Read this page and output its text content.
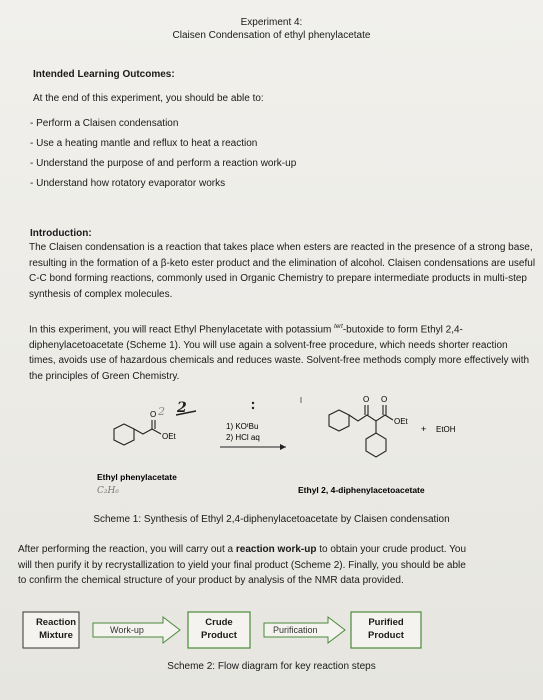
Experiment 4:
Claisen Condensation of ethyl phenylacetate
Intended Learning Outcomes:
At the end of this experiment, you should be able to:
- Perform a Claisen condensation
- Use a heating mantle and reflux to heat a reaction
- Understand the purpose of and perform a reaction work-up
- Understand how rotatory evaporator works
Introduction:

The Claisen condensation is a reaction that takes place when esters are reacted in the presence of a strong base, resulting in the formation of a β-keto ester product and the elimination of alcohol. Claisen condensations are useful C-C bond forming reactions, commonly used in Organic Chemistry to prepare intermediate products in multi-step synthesis of complex molecules.

In this experiment, you will react Ethyl Phenylacetate with potassium $^{tert}$-butoxide to form Ethyl 2,4-diphenylacetoacetate (Scheme 1). You will use again a solvent-free procedure, which needs shorter reaction times, avoids use of hazardous chemicals and reduces waste. Solvent-free methods comply more effectively with the principles of Green Chemistry.

2 2
O
OEt
1) KOᵗBu
2) HCl aq
O O
OEt
+ EtOH
Ethyl phenylacetate
C₂H₆	Ethyl 2, 4-diphenylacetoacetate
Scheme 1: Synthesis of Ethyl 2,4-diphenylacetoacetate by Claisen condensation
After performing the reaction, you will carry out a reaction work-up to obtain your crude product. You
will then purify it by recrystallization to yield your final product (Scheme 2). Finally, you should be able
to confirm the chemical structure of your product by analysis of the NMR data provided.
Work-up	Purification
Reaction
Mixture
Crude
Product
Purified
Product
Scheme 2: Flow diagram for key reaction steps
